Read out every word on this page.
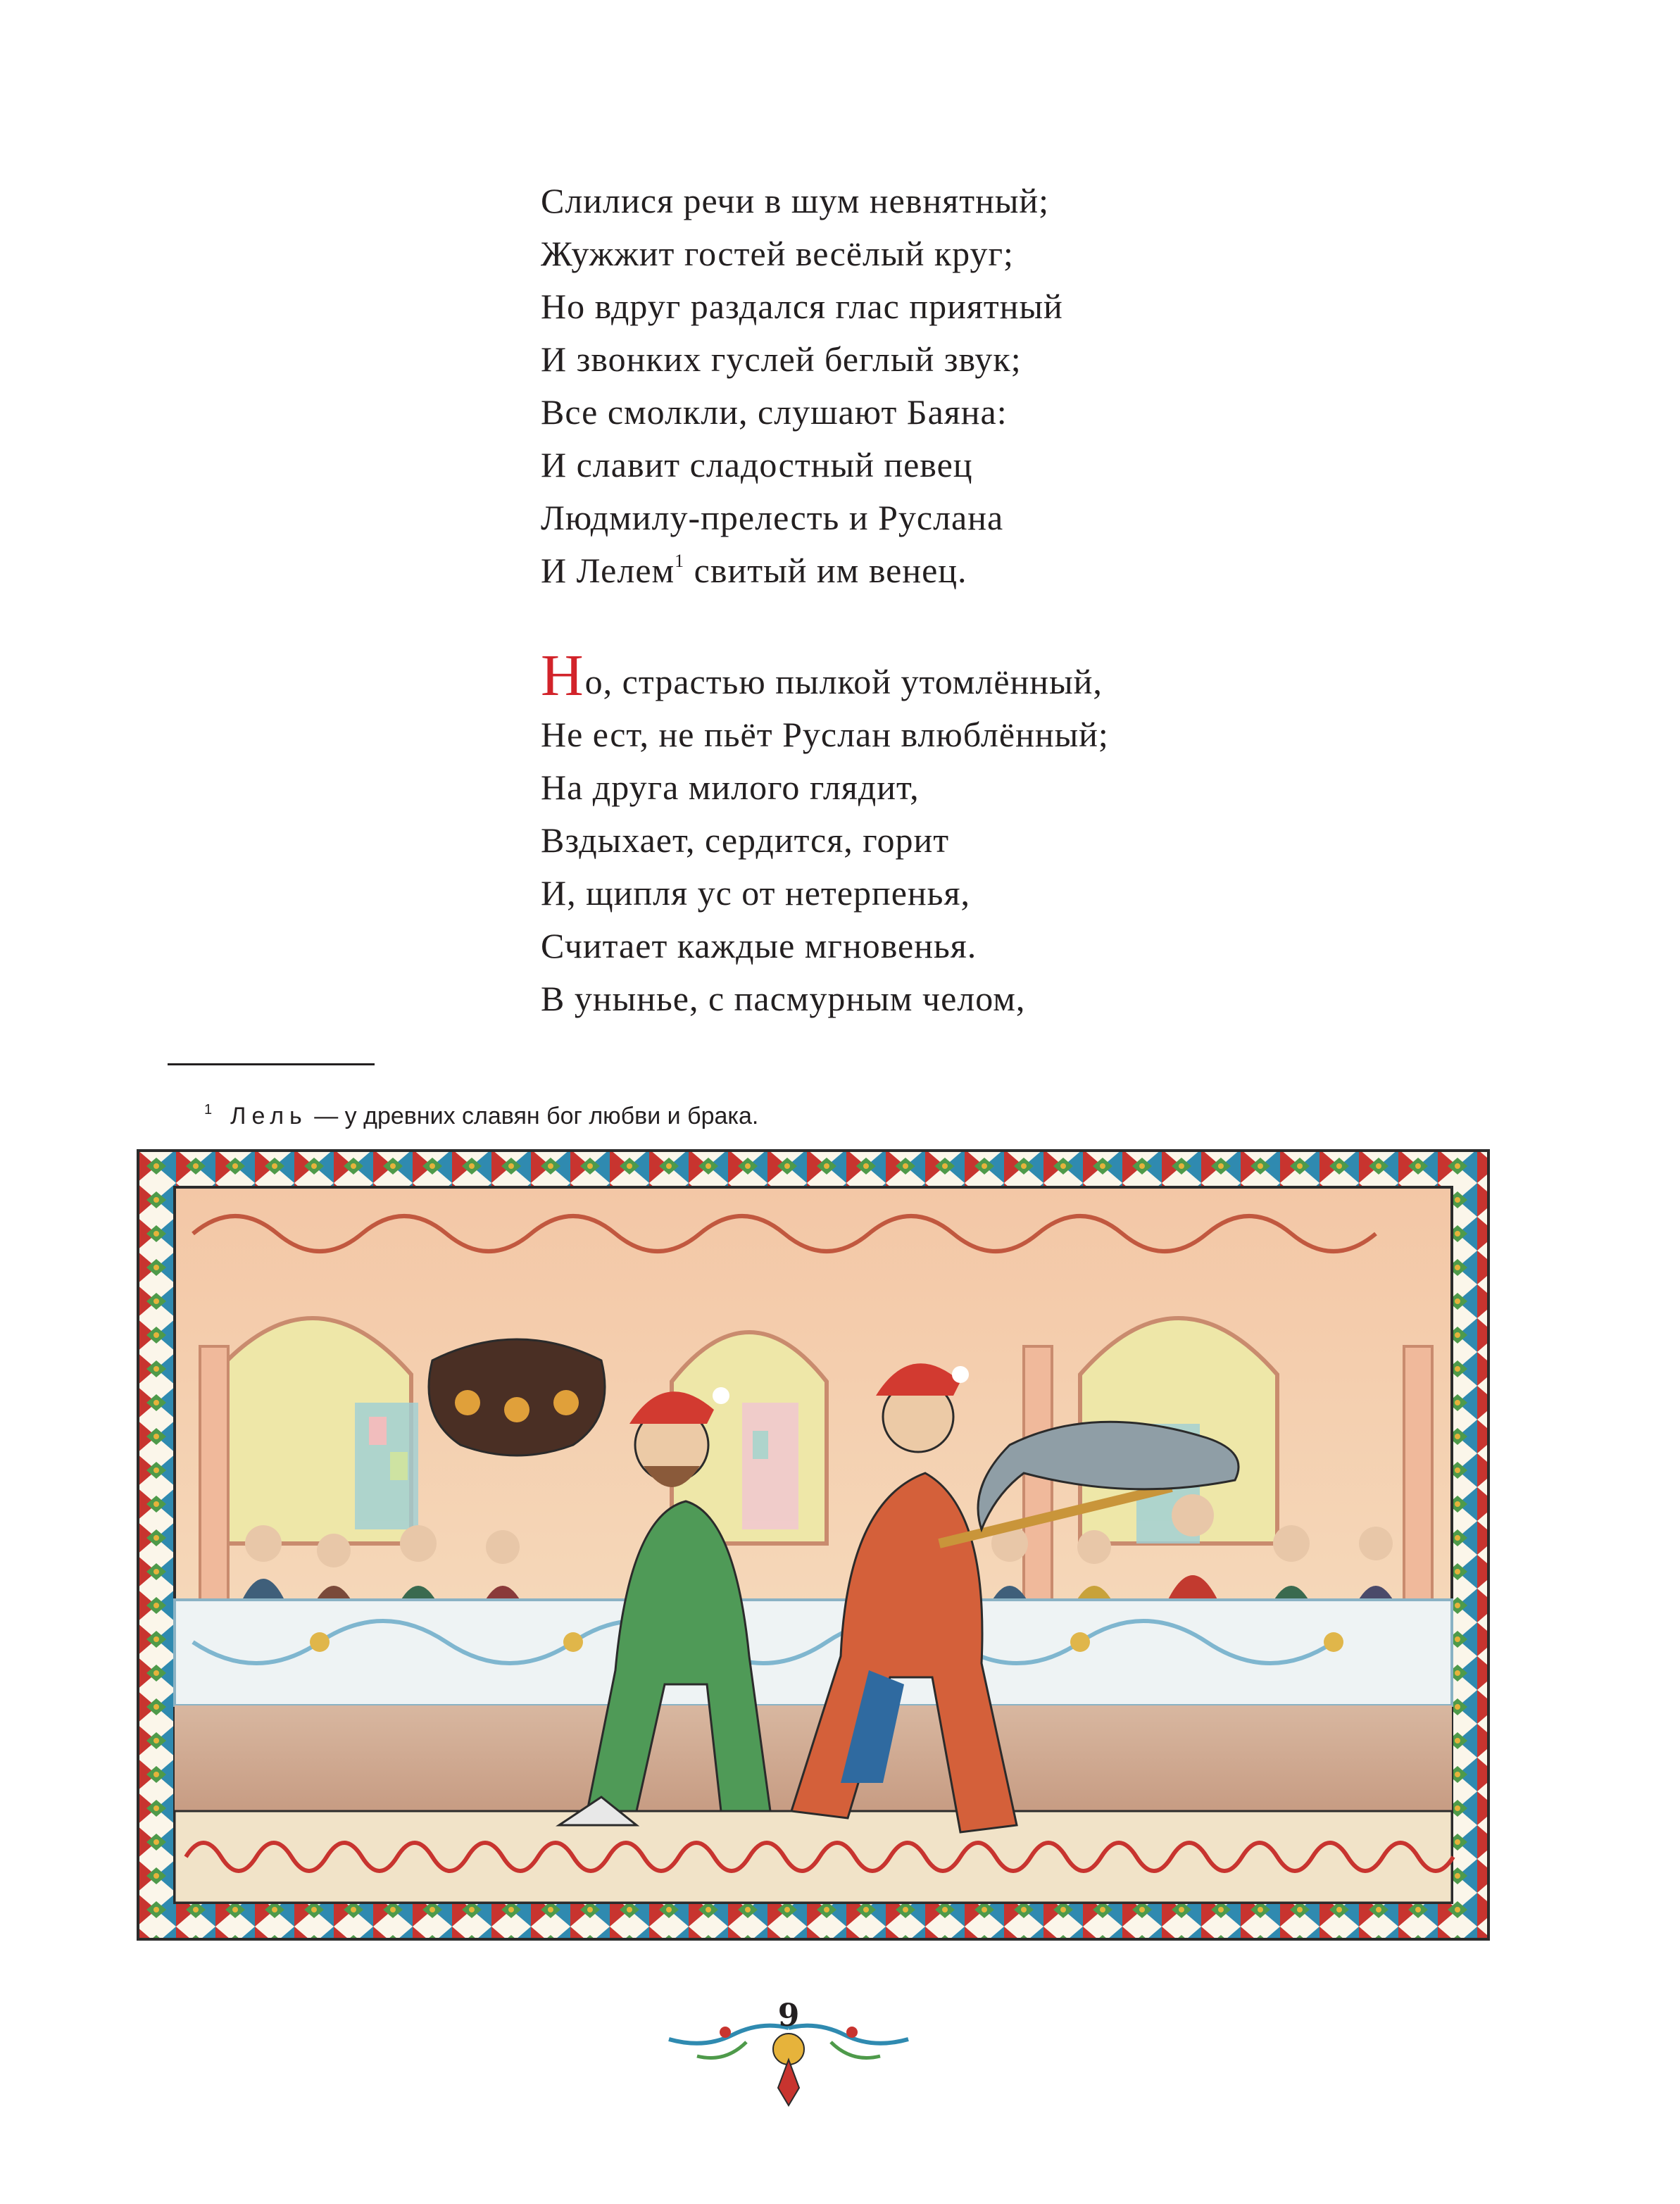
Слилися речи в шум невнятный;
Жужжит гостей весёлый круг;
Но вдруг раздался глас приятный
И звонких гуслей беглый звук;
Все смолкли, слушают Баяна:
И славит сладостный певец
Людмилу-прелесть и Руслана
И Лелем$^1$ свитый им венец.
Но, страстью пылкой утомлённый,
Не ест, не пьёт Руслан влюблённый;
На друга милого глядит,
Вздыхает, сердится, горит
И, щипля ус от нетерпенья,
Считает каждые мгновенья.
В унынье, с пасмурным челом,
$^1$ Лель — у древних славян бог любви и брака.
9
